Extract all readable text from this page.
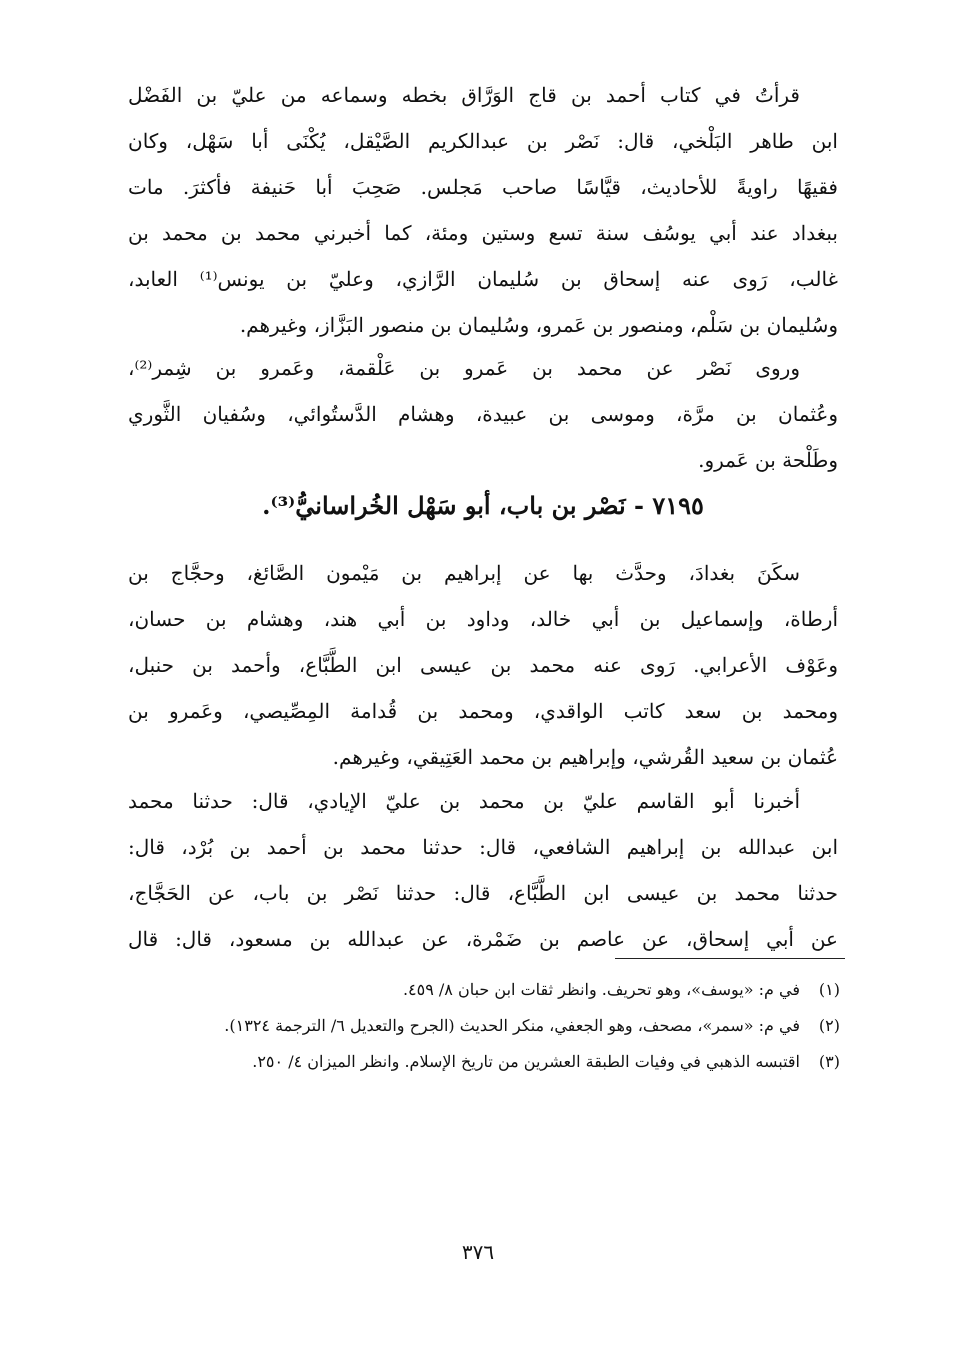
قرأتُ في كتاب أحمد بن قاج الوَرَّاق بخطه وسماعه من عليّ بن الفَضْل
ابن طاهر البَلْخي، قال: نَصْر بن عبدالكريم الصَّيْقل، يُكْنَى أبا سَهْل، وكان
فقيهًا راويةً للأحاديث، قيَّاسًا صاحب مَجلس. صَحِبَ أبا حَنيفة فأكثرَ. مات
ببغداد عند أبي يوسُف سنة تسع وستين ومئة، كما أخبرني محمد بن محمد بن
غالب، رَوى عنه إسحاق بن سُليمان الرَّازي، وعليّ بن يونس⁽¹⁾ العابد،
وسُليمان بن سَلْم، ومنصور بن عَمرو، وسُليمان بن منصور البَزَّاز، وغيرهم.
وروى نَصْر عن محمد بن عَمرو بن عَلْقمة، وعَمرو بن شِمر⁽²⁾،
وعُثمان بن مرَّة، وموسى بن عبيدة، وهشام الدَّستُوائي، وسُفيان الثَّوري
وطَلْحة بن عَمرو.
٧١٩٥ - نَصْر بن باب، أبو سَهْل الخُراسانيُّ⁽³⁾.
سكَنَ بغدادَ، وحدَّث بها عن إبراهيم بن مَيْمون الصَّائغ، وحجَّاج بن
أرطاة، وإسماعيل بن أبي خالد، وداود بن أبي هند، وهشام بن حسان،
وعَوْف الأعرابي. رَوى عنه محمد بن عيسى ابن الطَّبَّاع، وأحمد بن حنبل،
ومحمد بن سعد كاتب الواقدي، ومحمد بن قُدامة المِصِّيصي، وعَمرو بن
عُثمان بن سعيد القُرشي، وإبراهيم بن محمد العَتِيقي، وغيرهم.
أخبرنا أبو القاسم عليّ بن محمد بن عليّ الإيادي، قال: حدثنا محمد
ابن عبدالله بن إبراهيم الشافعي، قال: حدثنا محمد بن أحمد بن بُرْد، قال:
حدثنا محمد بن عيسى ابن الطَّبَّاع، قال: حدثنا نَصْر بن باب، عن الحَجَّاج،
عن أبي إسحاق، عن عاصم بن ضَمْرة، عن عبدالله بن مسعود، قال: قال
(١)
في م: «يوسف»، وهو تحريف. وانظر ثقات ابن حبان ٨/ ٤٥٩.
(٢)
في م: «سمر»، مصحف، وهو الجعفي، منكر الحديث (الجرح والتعديل ٦/ الترجمة ١٣٢٤).
(٣)
اقتبسه الذهبي في وفيات الطبقة العشرين من تاريخ الإسلام. وانظر الميزان ٤/ ٢٥٠.
٣٧٦
